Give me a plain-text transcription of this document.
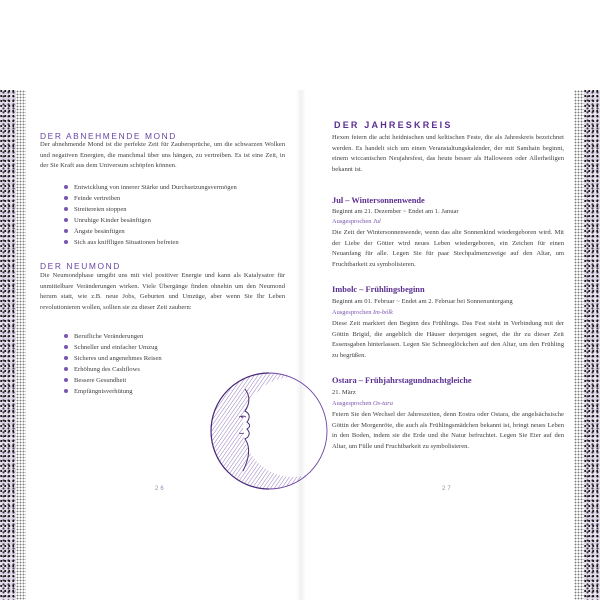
DER ABNEHMENDE MOND
Der abnehmende Mond ist die perfekte Zeit für Zaubersprüche, um die schwarzen Wolken und negativen Energien, die manchmal über uns hängen, zu vertreiben. Es ist eine Zeit, in der Sie Kraft aus dem Universum schöpfen können.
Entwicklung von innerer Stärke und Durchsetzungsvermögen
Feinde vertreiben
Streitereien stoppen
Unruhige Kinder besänftigen
Ängste besänftigen
Sich aus kniffligen Situationen befreien
DER NEUMOND
Die Neumondphase umgibt uns mit viel positiver Energie und kann als Katalysator für unmittelbare Veränderungen wirken. Viele Übergänge finden ohnehin um den Neumond herum statt, wie z.B. neue Jobs, Geburten und Umzüge, aber wenn Sie Ihr Leben revolutionieren wollen, sollten sie zu dieser Zeit zaubern:
Berufliche Veränderungen
Schneller und einfacher Umzug
Sicheres und angenehmes Reisen
Erhöhung des Cashflows
Bessere Gesundheit
Empfängnisverhütung
26
DER JAHRESKREIS
Hexen feiern die acht heidnischen und keltischen Feste, die als Jahreskreis bezeichnet werden. Es handelt sich um einen Veranstaltungskalender, der mit Samhain beginnt, einem wiccanischen Neujahrsfest, das heute besser als Halloween oder Allerheiligen bekannt ist.
Jul – Wintersonnenwende
Beginnt am 21. Dezember ~ Endet am 1. Januar
Ausgesprochen Jul
Die Zeit der Wintersonnenwende, wenn das alte Sonnenkind wiedergeboren wird. Mit der Liebe der Götter wird neues Leben wiedergeboren, ein Zeichen für einen Neuanfang für alle. Legen Sie für paar Stechpalmenzweige auf den Altar, um Fruchtbarkeit zu symbolisieren.
Imbolc – Frühlingsbeginn
Beginnt am 01. Februar ~ Endet am 2. Februar bei Sonnenuntergang
Ausgesprochen Im-bólk
Diese Zeit markiert den Beginn des Frühlings. Das Fest steht in Verbindung mit der Göttin Brigid, die angeblich die Häuser derjenigen segnet, die ihr zu dieser Zeit Essensgaben hinterlassen. Legen Sie Schneeglöckchen auf den Altar, um den Frühling zu begrüßen.
Ostara – Frühjahrstagundnachtgleiche
21. März
Ausgesprochen Os-tara
Feiern Sie den Wechsel der Jahreszeiten, denn Eostra oder Ostara, die angelsächsische Göttin der Morgenröte, die auch als Frühlingsmädchen bekannt ist, bringt neues Leben in den Boden, indem sie die Erde und die Natur befruchtet. Legen Sie Eier auf den Altar, um Fülle und Fruchtbarkeit zu symbolisieren.
27
